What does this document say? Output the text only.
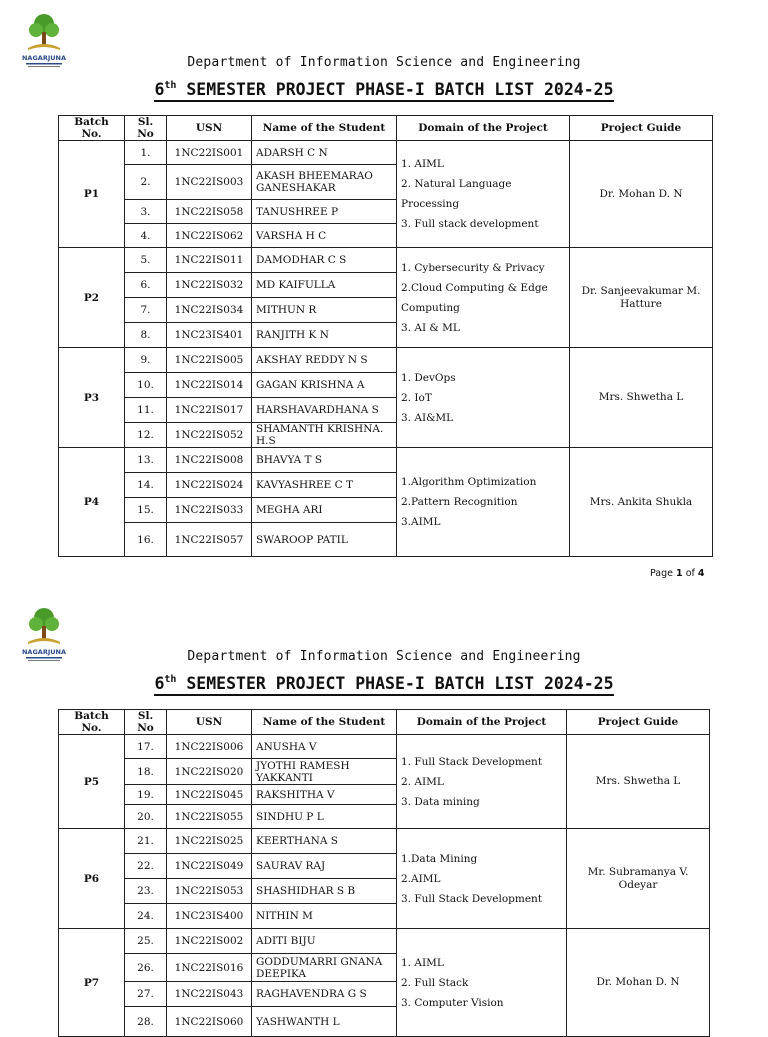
NAGARJUNA	Department of Information Science and Engineering
6th SEMESTER PROJECT PHASE-I BATCH LIST 2024-25
Batch No.	Sl. No	USN	Name of the Student	Domain of the Project	Project Guide
P1	1.	1NC22IS001	ADARSH C N	1. AIML
2. Natural Language Processing
3. Full stack development	Dr. Mohan D. N
	2.	1NC22IS003	AKASH BHEEMARAO GANESHAKAR		
	3.	1NC22IS058	TANUSHREE P		
	4.	1NC22IS062	VARSHA H C		
P2	5.	1NC22IS011	DAMODHAR C S	1. Cybersecurity & Privacy
2.Cloud Computing & Edge Computing
3. AI & ML	Dr. Sanjeevakumar M. Hatture
	6.	1NC22IS032	MD KAIFULLA		
	7.	1NC22IS034	MITHUN R		
	8.	1NC23IS401	RANJITH K N		
P3	9.	1NC22IS005	AKSHAY REDDY N S	1. DevOps
2. IoT
3. AI&ML	Mrs. Shwetha L
	10.	1NC22IS014	GAGAN KRISHNA A		
	11.	1NC22IS017	HARSHAVARDHANA S		
	12.	1NC22IS052	SHAMANTH KRISHNA. H.S		
P4	13.	1NC22IS008	BHAVYA T S	1.Algorithm Optimization
2.Pattern Recognition
3.AIML	Mrs. Ankita Shukla
	14.	1NC22IS024	KAVYASHREE C T		
	15.	1NC22IS033	MEGHA ARI		
	16.	1NC22IS057	SWAROOP PATIL		
Page 1 of 4
NAGARJUNA	Department of Information Science and Engineering
6th SEMESTER PROJECT PHASE-I BATCH LIST 2024-25
Batch No.	Sl. No	USN	Name of the Student	Domain of the Project	Project Guide
P5	17.	1NC22IS006	ANUSHA V	1. Full Stack Development
2. AIML
3. Data mining	Mrs. Shwetha L
	18.	1NC22IS020	JYOTHI RAMESH YAKKANTI		
	19.	1NC22IS045	RAKSHITHA V		
	20.	1NC22IS055	SINDHU P L		
P6	21.	1NC22IS025	KEERTHANA S	1.Data Mining
2.AIML
3. Full Stack Development	Mr. Subramanya V. Odeyar
	22.	1NC22IS049	SAURAV RAJ		
	23.	1NC22IS053	SHASHIDHAR S B		
	24.	1NC23IS400	NITHIN M		
P7	25.	1NC22IS002	ADITI BIJU	1. AIML
2. Full Stack
3. Computer Vision	Dr. Mohan D. N
	26.	1NC22IS016	GODDUMARRI GNANA DEEPIKA		
	27.	1NC22IS043	RAGHAVENDRA G S		
	28.	1NC22IS060	YASHWANTH L		
